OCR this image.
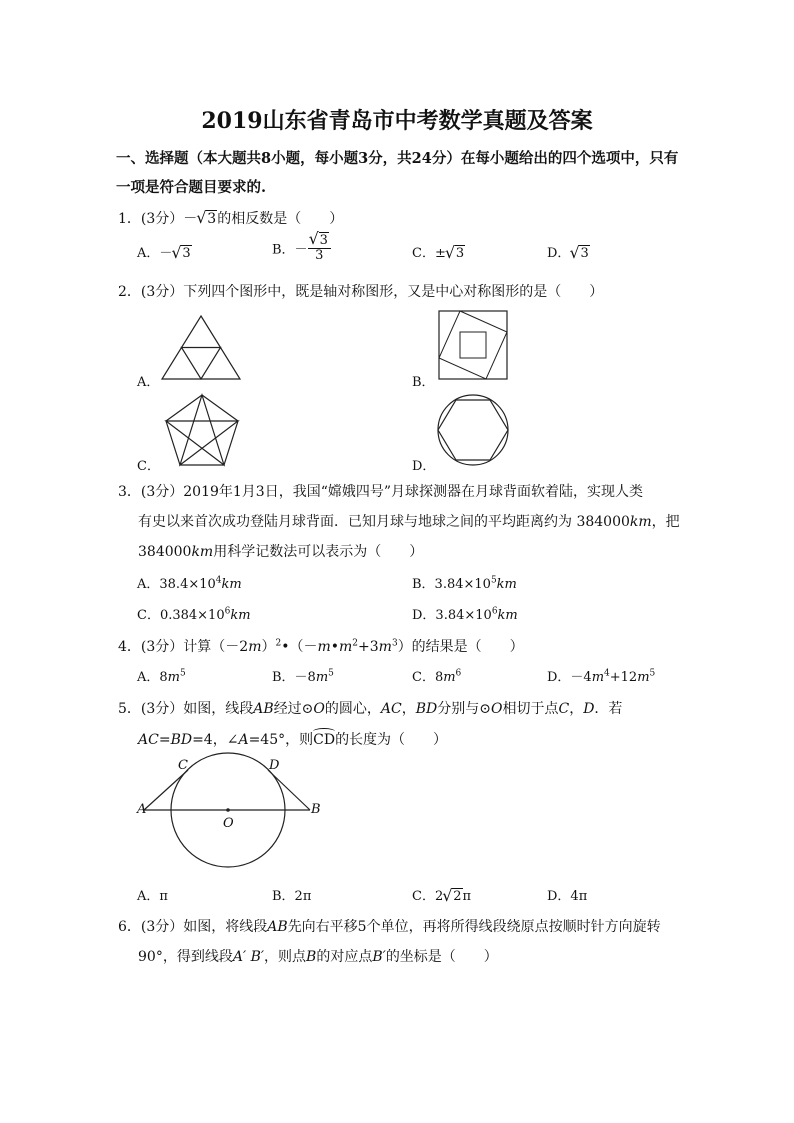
2019山东省青岛市中考数学真题及答案
一、选择题（本大题共8小题，每小题3分，共24分）在每小题给出的四个选项中，只有
一项是符合题目要求的.
1．(3分）－ √ 3的相反数是（　　）
A．－ √ 3	B．－ √ $\frac{3}{3}$	C．± √ 3	D． √ 3
2．(3分）下列四个图形中，既是轴对称图形，又是中心对称图形的是（　　）
A．	B．
C．	D．
3．(3分）2019年1月3日，我国“嫦娥四号”月球探测器在月球背面软着陆，实现人类
有史以来首次成功登陆月球背面．已知月球与地球之间的平均距离约为 384000km，把
384000km用科学记数法可以表示为（　　）
A．$38.4\times 10^4km$	B．$3.84\times 10^5km$
C．$0.384\times 10^6km$	D．$3.84\times 10^6km$
4．(3分）计算$(-2m)^2•(-m•m^2+3m^3)$的结果是（　　）
A．$8m^5$	B．$-8m^5$	C．$8m^6$	D．$-4m^4+12m^5$
5．(3分）如图，线段AB经过⊙O的圆心，AC，BD分别与⊙O相切于点C，D．若
AC=BD=4，∠A=45°，则CD的长度为（　　）
A	B
C	D
O
A．π	B．2π	C．2 √ 2π	D．4π
6．(3分）如图，将线段AB先向右平移5个单位，再将所得线段绕原点按顺时针方向旋转
90°，得到线段A′ B′，则点B的对应点B′的坐标是（　　）
